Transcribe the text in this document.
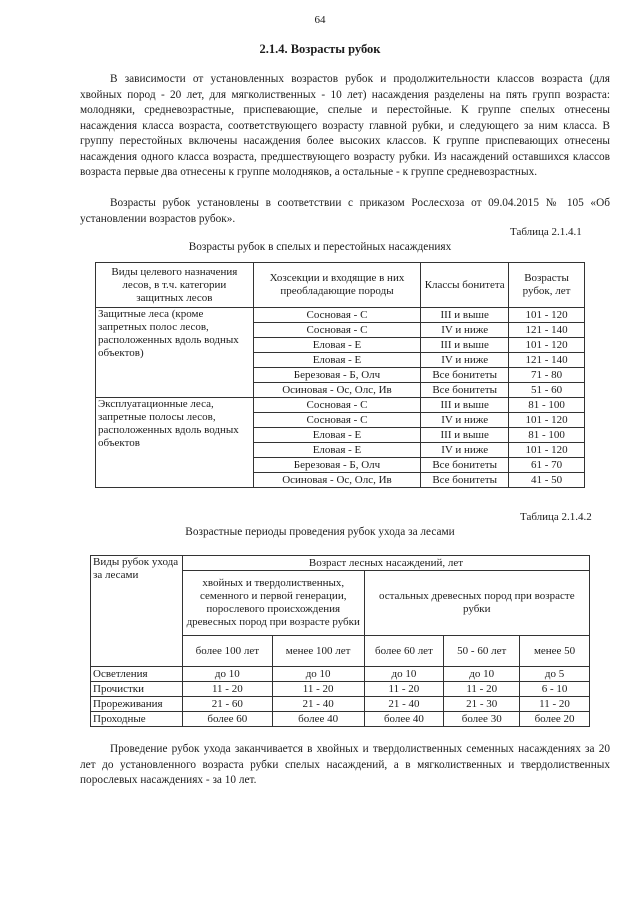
64
2.1.4. Возрасты рубок

В зависимости от установленных возрастов рубок и продолжительности классов возраста (для хвойных пород - 20 лет, для мягколиственных - 10 лет) насаждения разделены на пять групп возраста: молодняки, средневозрастные, приспевающие, спелые и перестойные. К группе спелых отнесены насаждения класса возраста, соответствующего возрасту главной рубки, и следующего за ним класса. В группу перестойных включены насаждения более высоких классов. К группе приспевающих отнесены насаждения одного класса возраста, предшествующего возрасту рубки. Из насаждений оставшихся классов возраста первые два отнесены к группе молодняков, а остальные - к группе средневозрастных.

Возрасты рубок установлены в соответствии с приказом Рослесхоза от 09.04.2015 № 105 «Об установлении возрастов рубок».

Таблица 2.1.4.1
Возрасты рубок в спелых и перестойных насаждениях
Виды целевого назначения лесов, в т.ч. категории защитных лесов	Хозсекции и входящие в них преобладающие породы	Классы бонитета	Возрасты рубок, лет
Защитные леса (кроме запретных полос лесов, расположенных вдоль водных объектов)	Сосновая - С	III и выше	101 - 120
	Сосновая - С	IV и ниже	121 - 140
	Еловая - Е	III и выше	101 - 120
	Еловая - Е	IV и ниже	121 - 140
	Березовая - Б, Олч	Все бонитеты	71 - 80
	Осиновая - Ос, Олс, Ив	Все бонитеты	51 - 60
Эксплуатационные леса, запретные полосы лесов, расположенных вдоль водных объектов	Сосновая - С	III и выше	81 - 100
	Сосновая - С	IV и ниже	101 - 120
	Еловая - Е	III и выше	81 - 100
	Еловая - Е	IV и ниже	101 - 120
	Березовая - Б, Олч	Все бонитеты	61 - 70
	Осиновая - Ос, Олс, Ив	Все бонитеты	41 - 50
Таблица 2.1.4.2
Возрастные периоды проведения рубок ухода за лесами
Виды рубок ухода за лесами	Возраст лесных насаждений, лет				
	хвойных и твердолиственных, семенного и первой генерации, порослевого происхождения древесных пород при возрасте рубки		остальных древесных пород при возрасте рубки		
	более 100 лет	менее 100 лет	более 60 лет	50 - 60 лет	менее 50
Осветления	до 10	до 10	до 10	до 10	до 5
Прочистки	11 - 20	11 - 20	11 - 20	11 - 20	6 - 10
Прореживания	21 - 60	21 - 40	21 - 40	21 - 30	11 - 20
Проходные	более 60	более 40	более 40	более 30	более 20

Проведение рубок ухода заканчивается в хвойных и твердолиственных семенных насаждениях за 20 лет до установленного возраста рубки спелых насаждений, а в мягколиственных и твердолиственных порослевых насаждениях - за 10 лет.
